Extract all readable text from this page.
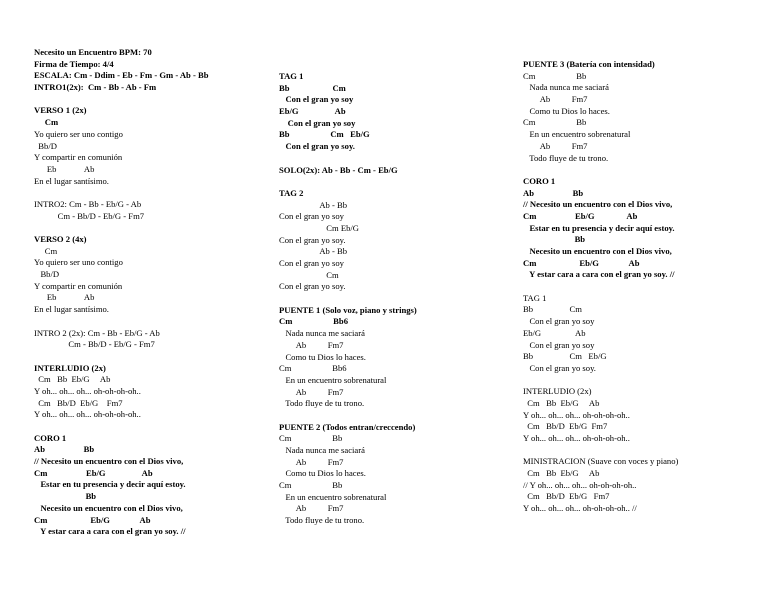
Necesito un Encuentro BPM: 70
Firma de Tiempo: 4/4
ESCALA: Cm - Ddim - Eb - Fm - Gm - Ab - Bb
INTRO1(2x):  Cm - Bb - Ab - Fm
VERSO 1 (2x)
Cm
Yo quiero ser uno contigo
Bb/D
Y compartir en comunión
Eb             Ab
En el lugar santísimo.
INTRO2: Cm - Bb - Eb/G - Ab
Cm - Bb/D - Eb/G - Fm7
VERSO 2 (4x)
Cm
Yo quiero ser uno contigo
Bb/D
Y compartir en comunión
Eb             Ab
En el lugar santísimo.
INTRO 2 (2x): Cm - Bb - Eb/G - Ab
Cm - Bb/D - Eb/G - Fm7
INTERLUDIO (2x)
Cm   Bb  Eb/G     Ab
Y oh... oh... oh... oh-oh-oh-oh..
Cm   Bb/D  Eb/G    Fm7
Y oh... oh... oh... oh-oh-oh-oh..
CORO 1
Ab                  Bb
// Necesito un encuentro con el Dios vivo,
Cm                  Eb/G                 Ab
Estar en tu presencia y decir aquí estoy.
Bb
Necesito un encuentro con el Dios vivo,
Cm                    Eb/G              Ab
Y estar cara a cara con el gran yo soy. //
TAG 1
Bb                    Cm
Con el gran yo soy
Eb/G                 Ab
Con el gran yo soy
Bb                   Cm   Eb/G
Con el gran yo soy.
SOLO(2x): Ab - Bb - Cm - Eb/G
TAG 2
Ab - Bb
Con el gran yo soy
Cm Eb/G
Con el gran yo soy.
Ab - Bb
Con el gran yo soy
Cm
Con el gran yo soy.
PUENTE 1 (Solo voz, piano y strings)
Cm                   Bb6
Nada nunca me saciará
Ab          Fm7
Como tu Dios lo haces.
Cm                   Bb6
En un encuentro sobrenatural
Ab          Fm7
Todo fluye de tu trono.
PUENTE 2 (Todos entran/creccendo)
Cm                   Bb
Nada nunca me saciará
Ab          Fm7
Como tu Dios lo haces.
Cm                   Bb
En un encuentro sobrenatural
Ab          Fm7
Todo fluye de tu trono.
PUENTE 3 (Batería con intensidad)
Cm                   Bb
Nada nunca me saciará
Ab          Fm7
Como tu Dios lo haces.
Cm                   Bb
En un encuentro sobrenatural
Ab          Fm7
Todo fluye de tu trono.
CORO 1
Ab                  Bb
// Necesito un encuentro con el Dios vivo,
Cm                  Eb/G               Ab
Estar en tu presencia y decir aquí estoy.
Bb
Necesito un encuentro con el Dios vivo,
Cm                    Eb/G              Ab
Y estar cara a cara con el gran yo soy. //
TAG 1
Bb                 Cm
Con el gran yo soy
Eb/G                Ab
Con el gran yo soy
Bb                 Cm   Eb/G
Con el gran yo soy.
INTERLUDIO (2x)
Cm   Bb  Eb/G     Ab
Y oh... oh... oh... oh-oh-oh-oh..
Cm   Bb/D  Eb/G  Fm7
Y oh... oh... oh... oh-oh-oh-oh..
MINISTRACION (Suave con voces y piano)
Cm   Bb  Eb/G     Ab
// Y oh... oh... oh... oh-oh-oh-oh..
Cm   Bb/D  Eb/G   Fm7
Y oh... oh... oh... oh-oh-oh-oh.. //
